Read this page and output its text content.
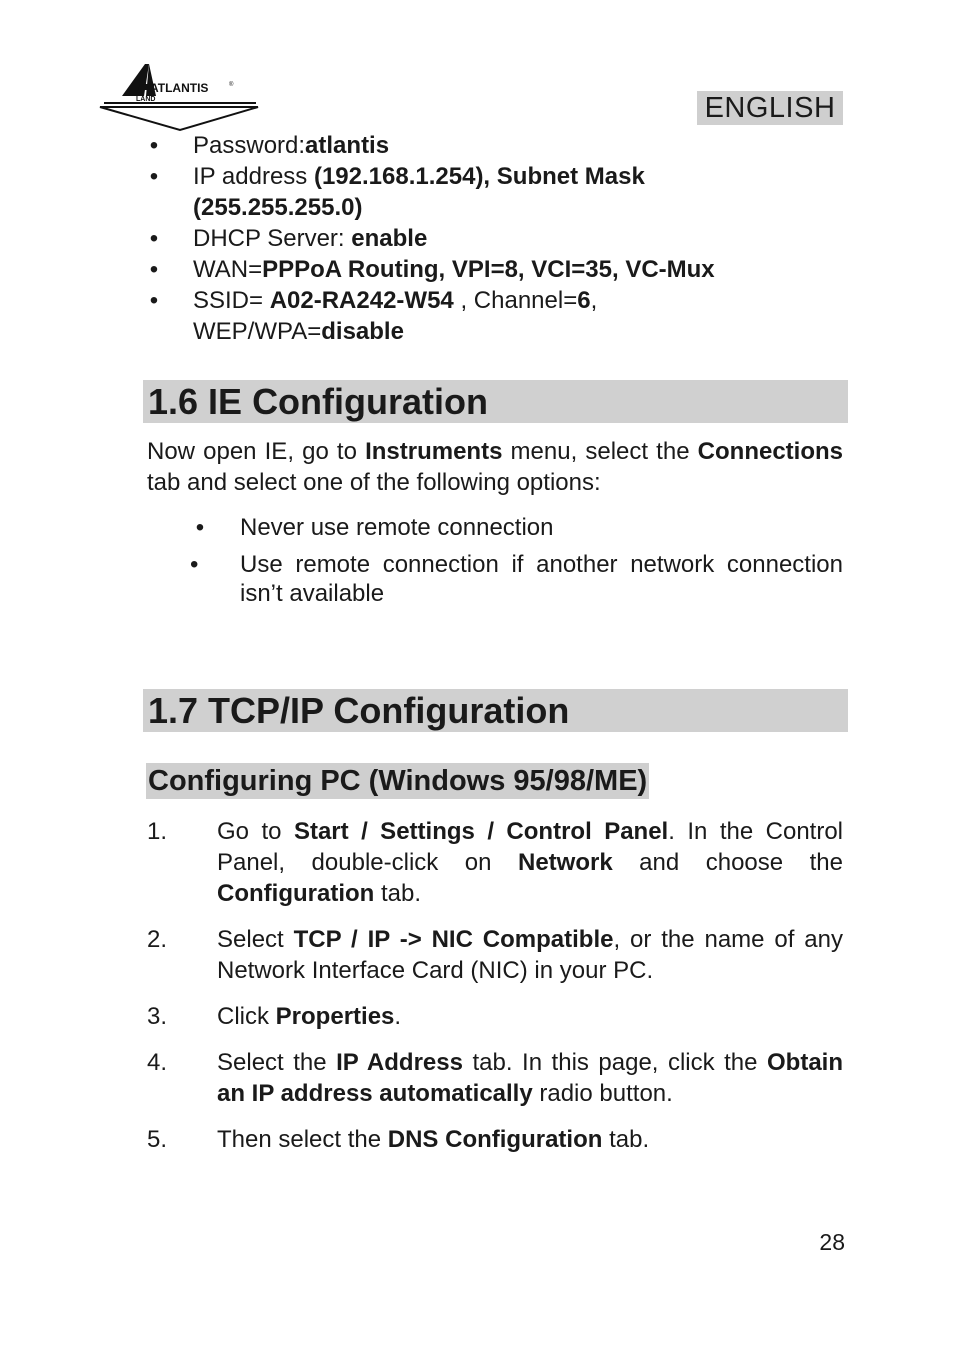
ATLANTIS
LAND
®
ENGLISH
• Password:atlantis
• IP address (192.168.1.254), Subnet Mask
(255.255.255.0)
• DHCP Server: enable
• WAN=PPPoA Routing, VPI=8, VCI=35, VC-Mux
• SSID= A02-RA242-W54 , Channel=6,
WEP/WPA=disable
1.6 IE Configuration

Now open IE, go to Instruments menu, select the Connections tab and select one of the following options:

• Never use remote connection
•	Use remote connection if another network connection isn’t available
1.7 TCP/IP Configuration
Configuring PC (Windows 95/98/ME)
1. Go to Start / Settings / Control Panel. In the Control Panel, double-click on Network and choose the Configuration tab.
2. Select TCP / IP -> NIC Compatible, or the name of any Network Interface Card (NIC) in your PC.
3. Click Properties.
4. Select the IP Address tab. In this page, click the Obtain an IP address automatically radio button.
5. Then select the DNS Configuration tab.
28
